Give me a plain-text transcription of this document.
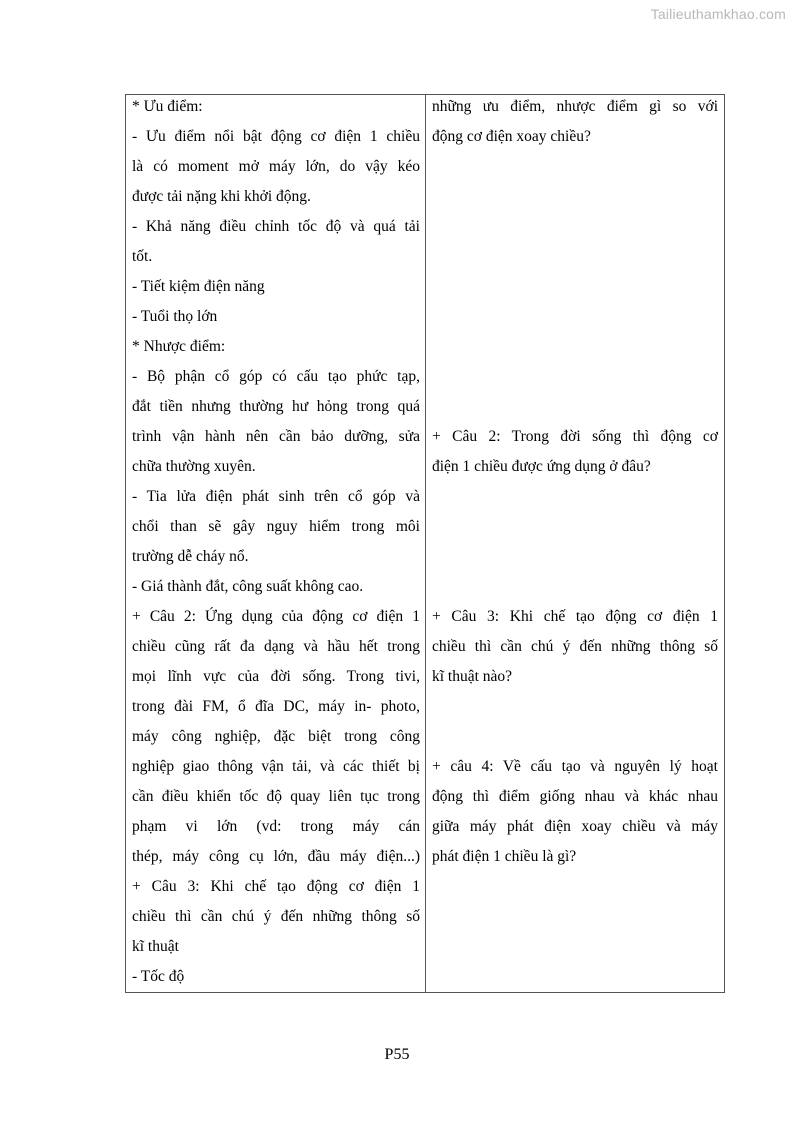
Tailieuthamkhao.com
* Ưu điểm:
- Ưu điểm nổi bật động cơ điện 1 chiều
là có moment mở máy lớn, do vậy kéo
được tải nặng khi khởi động.
- Khả năng điều chỉnh tốc độ và quá tải
tốt.
- Tiết kiệm điện năng
- Tuổi thọ lớn
* Nhược điểm:
- Bộ phận cổ góp có cấu tạo phức tạp,
đắt tiền nhưng thường hư hỏng trong quá
trình vận hành nên cần bảo dưỡng, sửa
chữa thường xuyên.
- Tia lửa điện phát sinh trên cổ góp và
chổi than sẽ gây nguy hiểm trong môi
trường dễ cháy nổ.
- Giá thành đắt, công suất không cao.
+ Câu 2: Ứng dụng của động cơ điện 1
chiều cũng rất đa dạng và hầu hết trong
mọi lĩnh vực của đời sống. Trong tivi,
trong đài FM, ổ đĩa DC, máy in- photo,
máy công nghiệp, đặc biệt trong công
nghiệp giao thông vận tải, và các thiết bị
cần điều khiển tốc độ quay liên tục trong
phạm vi lớn (vd: trong máy cán
thép, máy công cụ lớn, đầu máy điện...)
+ Câu 3: Khi chế tạo động cơ điện 1
chiều thì cần chú ý đến những thông số
kĩ thuật
- Tốc độ
những ưu điểm, nhược điểm gì so với
động cơ điện xoay chiều?
+ Câu 2: Trong đời sống thì động cơ
điện 1 chiều được ứng dụng ở đâu?
+ Câu 3: Khi chế tạo động cơ điện 1
chiều thì cần chú ý đến những thông số
kĩ thuật nào?
+ câu 4: Về cấu tạo và nguyên lý hoạt
động thì điểm giống nhau và khác nhau
giữa máy phát điện xoay chiều và máy
phát điện 1 chiều là gì?
P55
